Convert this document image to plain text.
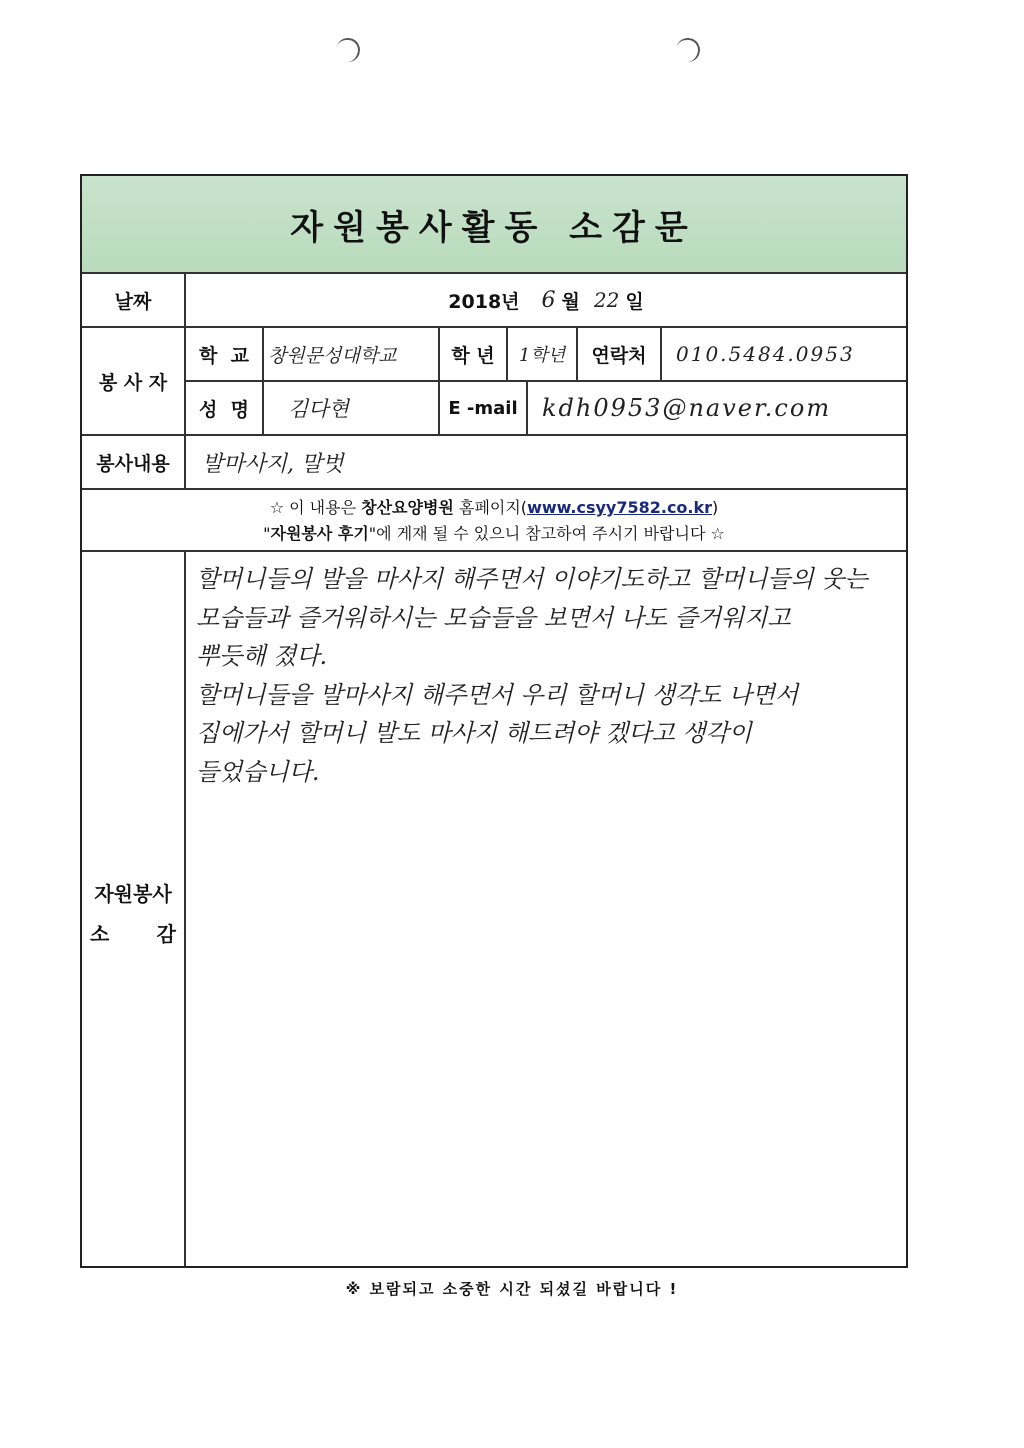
자원봉사활동 소감문
날짜	2018년 6 월 22 일
봉 사 자
학  교	창원문성대학교	학 년	1학년	연락처	010.5484.0953
성  명	김다현	E -mail	kdh0953@naver.com
봉사내용	발마사지, 말벗
☆ 이 내용은 창산요양병원 홈페이지(www.csyy7582.co.kr)
"자원봉사 후기"에 게재 될 수 있으니 참고하여 주시기 바랍니다 ☆
자원봉사
소 감
할머니들의 발을 마사지 해주면서 이야기도하고 할머니들의 웃는
모습들과 즐거워하시는 모습들을 보면서 나도 즐거워지고
뿌듯해 졌다.
할머니들을 발마사지 해주면서 우리 할머니 생각도 나면서
집에가서 할머니 발도 마사지 해드려야 겠다고 생각이
들었습니다.
※ 보람되고 소중한 시간 되셨길 바랍니다 !
